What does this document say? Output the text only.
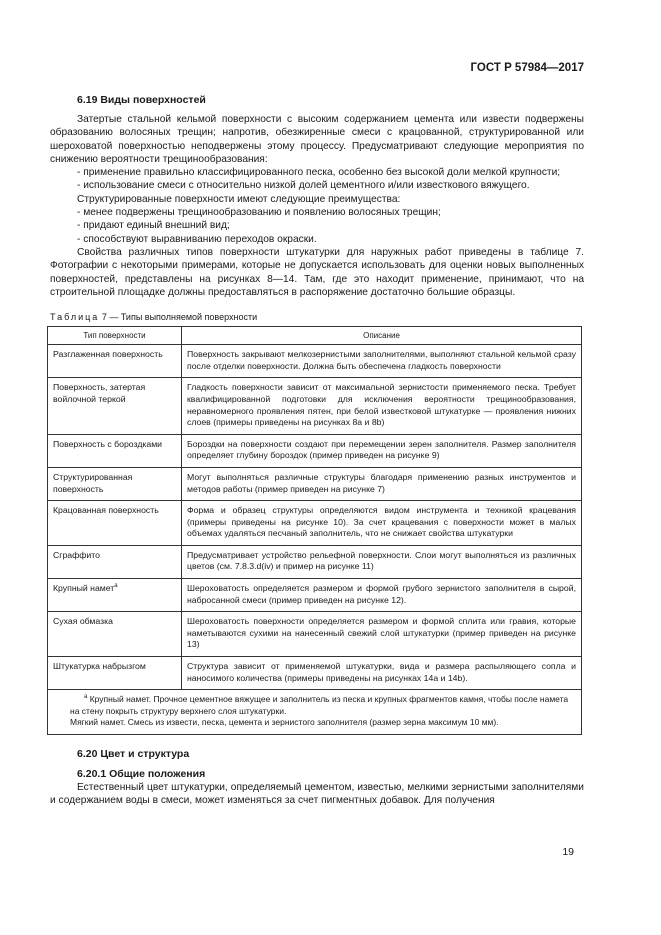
ГОСТ Р 57984—2017

6.19 Виды поверхностей

Затертые стальной кельмой поверхности с высоким содержанием цемента или извести подвержены образованию волосяных трещин; напротив, обезжиренные смеси с крацованной, структурированной или шероховатой поверхностью неподвержены этому процессу. Предусматривают следующие мероприятия по снижению вероятности трещинообразования:

- применение правильно классифицированного песка, особенно без высокой доли мелкой крупности;

- использование смеси с относительно низкой долей цементного и/или известкового вяжущего.

Структурированные поверхности имеют следующие преимущества:

- менее подвержены трещинообразованию и появлению волосяных трещин;

- придают единый внешний вид;

- способствуют выравниванию переходов окраски.

Свойства различных типов поверхности штукатурки для наружных работ приведены в таблице 7. Фотографии с некоторыми примерами, которые не допускается использовать для оценки новых выполненных поверхностей, представлены на рисунках 8—14. Там, где это находит применение, принимают, что на строительной площадке должны предоставляться в распоряжение достаточно большие образцы.

Таблица 7 — Типы выполняемой поверхности
Тип поверхности	Описание
Разглаженная поверхность	Поверхность закрывают мелкозернистыми заполнителями, выполняют стальной кельмой сразу после отделки поверхности. Должна быть обеспечена гладкость поверхности
Поверхность, затертая войлочной теркой	Гладкость поверхности зависит от максимальной зернистости применяемого песка. Требует квалифицированной подготовки для исключения вероятности трещинообразования, неравномерного проявления пятен, при белой известковой штукатурке — проявления нижних слоев (примеры приведены на рисунках 8a и 8b)
Поверхность с бороздками	Бороздки на поверхности создают при перемещении зерен заполнителя. Размер заполнителя определяет глубину бороздок (пример приведен на рисунке 9)
Структурированная поверхность	Могут выполняться различные структуры благодаря применению разных инструментов и методов работы (пример приведен на рисунке 7)
Крацованная поверхность	Форма и образец структуры определяются видом инструмента и техникой крацевания (примеры приведены на рисунке 10). За счет крацевания с поверхности может в малых объемах удаляться песчаный заполнитель, что не снижает свойства штукатурки
Сграффито	Предусматривает устройство рельефной поверхности. Слои могут выполняться из различных цветов (см. 7.8.3.d(iv) и пример на рисунке 11)
Крупный намет$^a$	Шероховатость определяется размером и формой грубого зернистого заполнителя в сырой, набросанной смеси (пример приведен на рисунке 12).
Сухая обмазка	Шероховатость поверхности определяется размером и формой сплита или гравия, которые наметываются сухими на нанесенный свежий слой штукатурки (пример приведен на рисунке 13)
Штукатурка набрызгом	Структура зависит от применяемой штукатурки, вида и размера распыляющего сопла и наносимого количества (примеры приведены на рисунках 14a и 14b).

$^a$ Крупный намет. Прочное цементное вяжущее и заполнитель из песка и крупных фрагментов камня, чтобы после намета на стену покрыть структуру верхнего слоя штукатурки.

Мягкий намет. Смесь из извести, песка, цемента и зернистого заполнителя (размер зерна максимум 10 мм).	

6.20 Цвет и структура

6.20.1 Общие положения

Естественный цвет штукатурки, определяемый цементом, известью, мелкими зернистыми заполнителями и содержанием воды в смеси, может изменяться за счет пигментных добавок. Для получения

19
